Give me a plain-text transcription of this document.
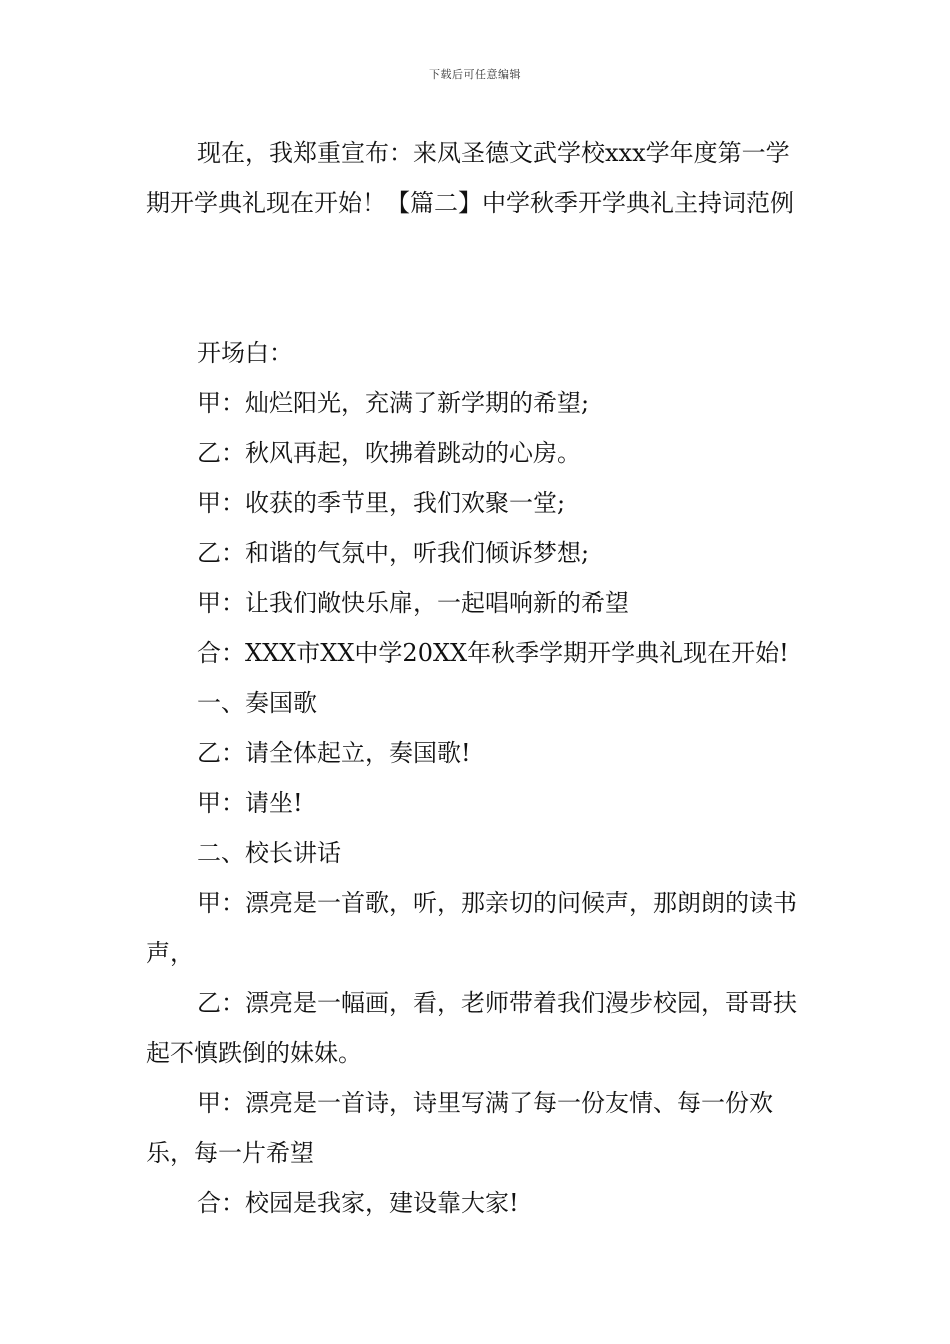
下载后可任意编辑

现在，我郑重宣布：来凤圣德文武学校xxx学年度第一学期开学典礼现在开始！【篇二】中学秋季开学典礼主持词范例

开场白：

甲：灿烂阳光，充满了新学期的希望;

乙：秋风再起，吹拂着跳动的心房。

甲：收获的季节里，我们欢聚一堂;

乙：和谐的气氛中，听我们倾诉梦想;

甲：让我们敞快乐扉，一起唱响新的希望

合：XXX市XX中学20XX年秋季学期开学典礼现在开始!

一、奏国歌

乙：请全体起立，奏国歌!

甲：请坐!

二、校长讲话

甲：漂亮是一首歌，听，那亲切的问候声，那朗朗的读书声，

乙：漂亮是一幅画，看，老师带着我们漫步校园，哥哥扶起不慎跌倒的妹妹。

甲：漂亮是一首诗，诗里写满了每一份友情、每一份欢乐，每一片希望

合：校园是我家，建设靠大家!
